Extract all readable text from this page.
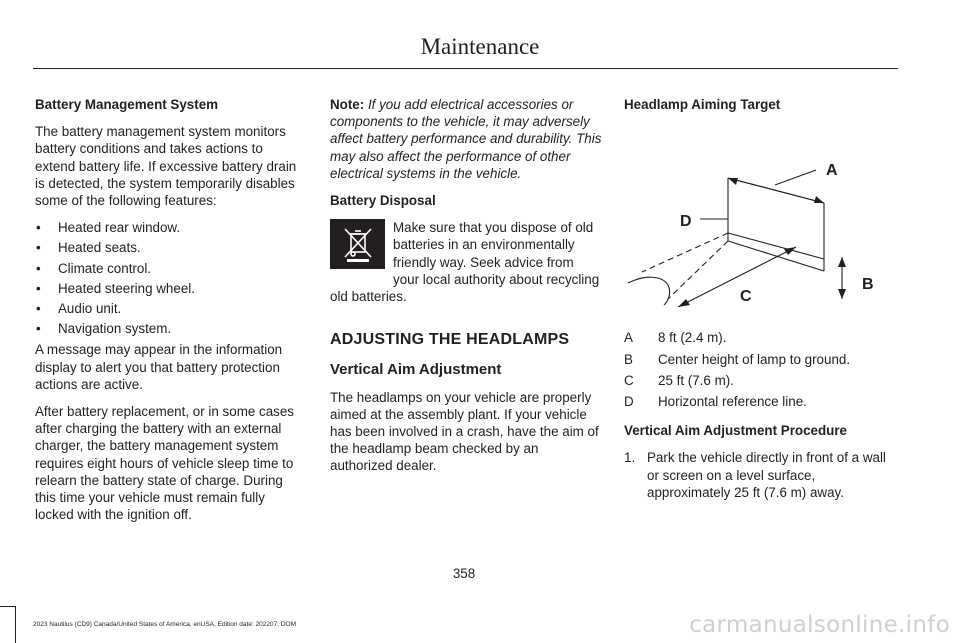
Maintenance
Battery Management System

The battery management system monitors battery conditions and takes actions to extend battery life. If excessive battery drain is detected, the system temporarily disables some of the following features:

• Heated rear window.
• Heated seats.
• Climate control.
• Heated steering wheel.
• Audio unit.
• Navigation system.

A message may appear in the information display to alert you that battery protection actions are active.

After battery replacement, or in some cases after charging the battery with an external charger, the battery management system requires eight hours of vehicle sleep time to relearn the battery state of charge. During this time your vehicle must remain fully locked with the ignition off.

Note: If you add electrical accessories or components to the vehicle, it may adversely affect battery performance and durability. This may also affect the performance of other electrical systems in the vehicle.

Battery Disposal

Make sure that you dispose of old batteries in an environmentally friendly way. Seek advice from your local authority about recycling old batteries.

ADJUSTING THE HEADLAMPS
Vertical Aim Adjustment

The headlamps on your vehicle are properly aimed at the assembly plant. If your vehicle has been involved in a crash, have the aim of the headlamp beam checked by an authorized dealer.

Headlamp Aiming Target
A
D
B
C
A	8 ft (2.4 m).
B	Center height of lamp to ground.
C	25 ft (7.6 m).
D	Horizontal reference line.
Vertical Aim Adjustment Procedure
1. Park the vehicle directly in front of a wall or screen on a level surface, approximately 25 ft (7.6 m) away.
358
2023 Nautilus (CD9) Canada/United States of America, enUSA, Edition date: 202207, DOM	carmanualsonline.info
